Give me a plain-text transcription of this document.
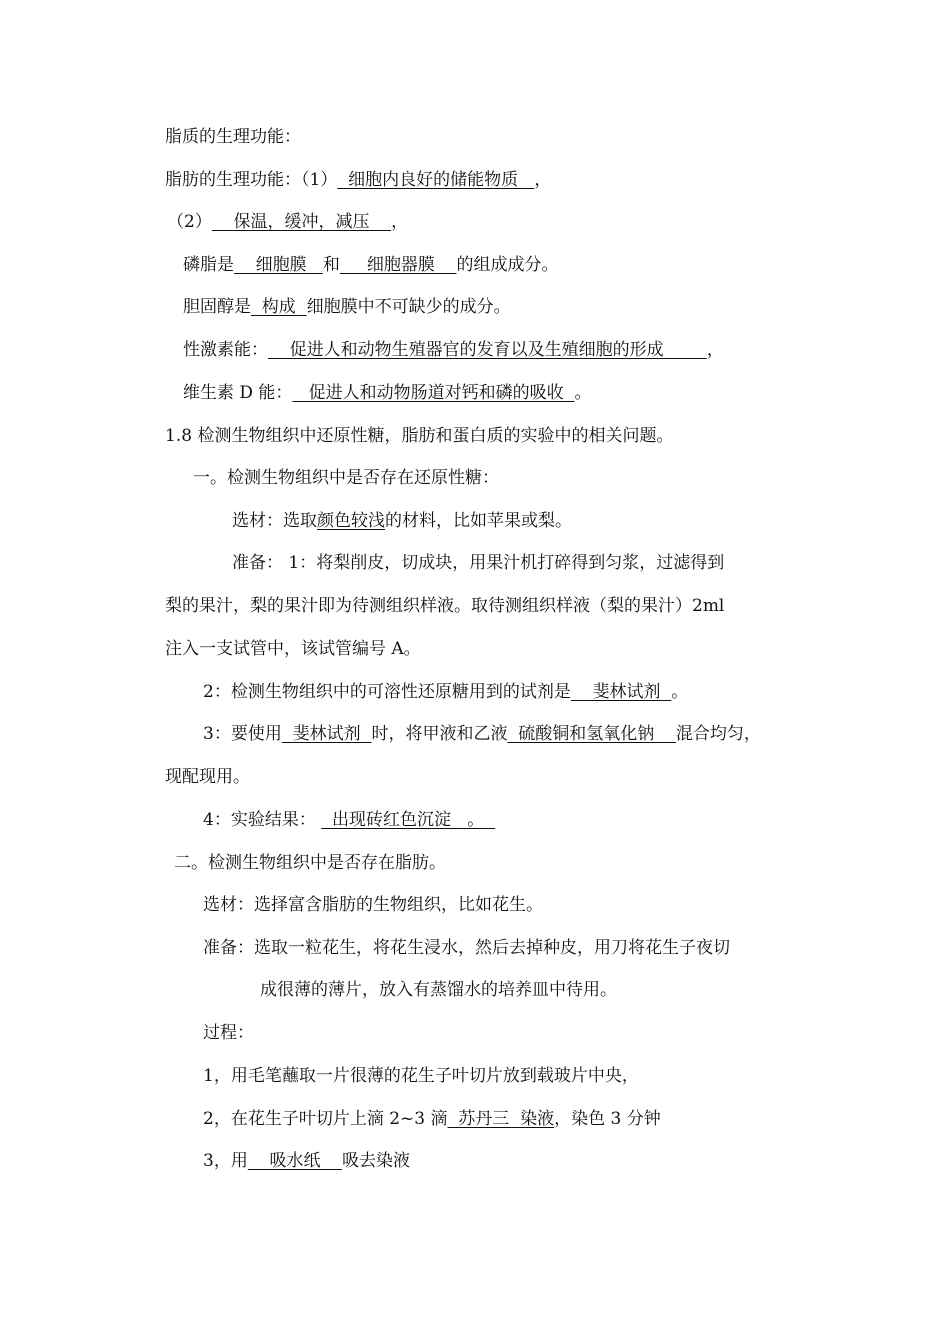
脂质的生理功能：
脂肪的生理功能：（1）  细胞内良好的储能物质   ，
（2）    保温，缓冲，减压    ，
磷脂是    细胞膜   和     细胞器膜    的组成成分。
胆固醇是  构成  细胞膜中不可缺少的成分。
性激素能：    促进人和动物生殖器官的发育以及生殖细胞的形成        ，
维生素 D 能：   促进人和动物肠道对钙和磷的吸收  。
1.8 检测生物组织中还原性糖，脂肪和蛋白质的实验中的相关问题。
一。检测生物组织中是否存在还原性糖：
选材：选取颜色较浅的材料，比如苹果或梨。
准备： 1：将梨削皮，切成块，用果汁机打碎得到匀浆，过滤得到
梨的果汁，梨的果汁即为待测组织样液。取待测组织样液（梨的果汁）2ml
注入一支试管中，该试管编号 A。
2：检测生物组织中的可溶性还原糖用到的试剂是    斐林试剂  。
3：要使用  斐林试剂  时，将甲液和乙液  硫酸铜和氢氧化钠    混合均匀，
现配现用。
4：实验结果：   出现砖红色沉淀   。
二。检测生物组织中是否存在脂肪。
选材：选择富含脂肪的生物组织，比如花生。
准备：选取一粒花生，将花生浸水，然后去掉种皮，用刀将花生子夜切
成很薄的薄片，放入有蒸馏水的培养皿中待用。
过程：
1，用毛笔蘸取一片很薄的花生子叶切片放到载玻片中央，
2，在花生子叶切片上滴 2~3 滴  苏丹三  染液，染色 3 分钟
3，用    吸水纸    吸去染液
